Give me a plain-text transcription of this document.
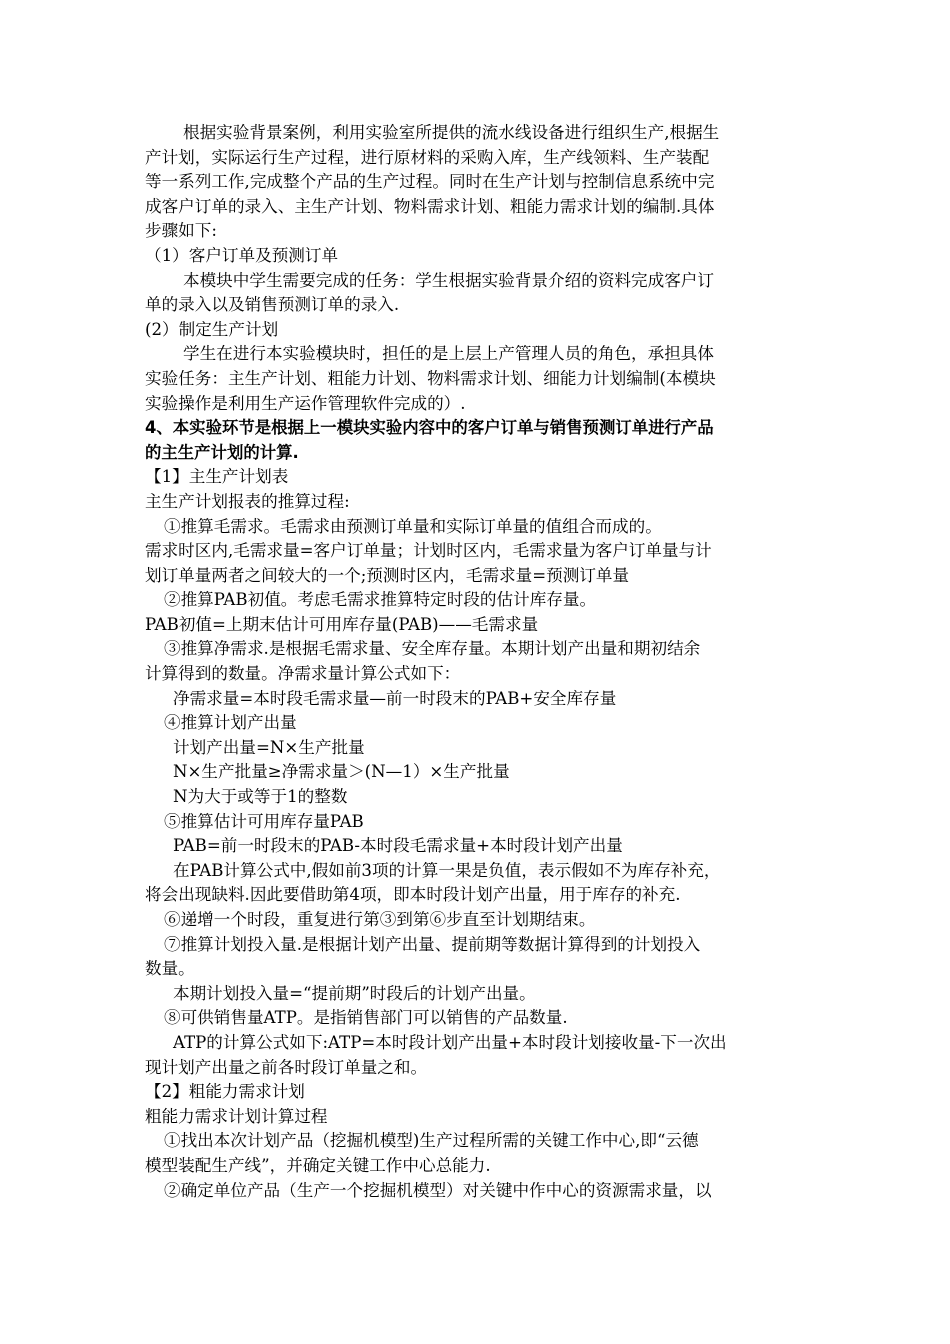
根据实验背景案例，利用实验室所提供的流水线设备进行组织生产,根据生
产计划，实际运行生产过程，进行原材料的采购入库，生产线领料、生产装配
等一系列工作,完成整个产品的生产过程。同时在生产计划与控制信息系统中完
成客户订单的录入、主生产计划、物料需求计划、粗能力需求计划的编制.具体
步骤如下:
（1）客户订单及预测订单
本模块中学生需要完成的任务：学生根据实验背景介绍的资料完成客户订
单的录入以及销售预测订单的录入.
(2）制定生产计划
学生在进行本实验模块时，担任的是上层上产管理人员的角色，承担具体
实验任务：主生产计划、粗能力计划、物料需求计划、细能力计划编制(本模块
实验操作是利用生产运作管理软件完成的）.
4、本实验环节是根据上一模块实验内容中的客户订单与销售预测订单进行产品
的主生产计划的计算.
【1】主生产计划表
主生产计划报表的推算过程:
①推算毛需求。毛需求由预测订单量和实际订单量的值组合而成的。
需求时区内,毛需求量=客户订单量；计划时区内，毛需求量为客户订单量与计
划订单量两者之间较大的一个;预测时区内，毛需求量=预测订单量
②推算PAB初值。考虑毛需求推算特定时段的估计库存量。
PAB初值=上期末估计可用库存量(PAB)——毛需求量
③推算净需求.是根据毛需求量、安全库存量。本期计划产出量和期初结余
计算得到的数量。净需求量计算公式如下：
净需求量=本时段毛需求量—前一时段末的PAB+安全库存量
④推算计划产出量
计划产出量=N×生产批量
N×生产批量≥净需求量＞(N—1）×生产批量
N为大于或等于1的整数
⑤推算估计可用库存量PAB
PAB=前一时段末的PAB-本时段毛需求量+本时段计划产出量
在PAB计算公式中,假如前3项的计算一果是负值，表示假如不为库存补充，
将会出现缺料.因此要借助第4项，即本时段计划产出量，用于库存的补充.
⑥递增一个时段，重复进行第③到第⑥步直至计划期结束。
⑦推算计划投入量.是根据计划产出量、提前期等数据计算得到的计划投入
数量。
本期计划投入量=“提前期”时段后的计划产出量。
⑧可供销售量ATP。是指销售部门可以销售的产品数量.
ATP的计算公式如下:ATP=本时段计划产出量+本时段计划接收量-下一次出
现计划产出量之前各时段订单量之和。
【2】粗能力需求计划
粗能力需求计划计算过程
①找出本次计划产品（挖掘机模型)生产过程所需的关键工作中心,即“云德
模型装配生产线”，并确定关键工作中心总能力.
②确定单位产品（生产一个挖掘机模型）对关键中作中心的资源需求量，以
